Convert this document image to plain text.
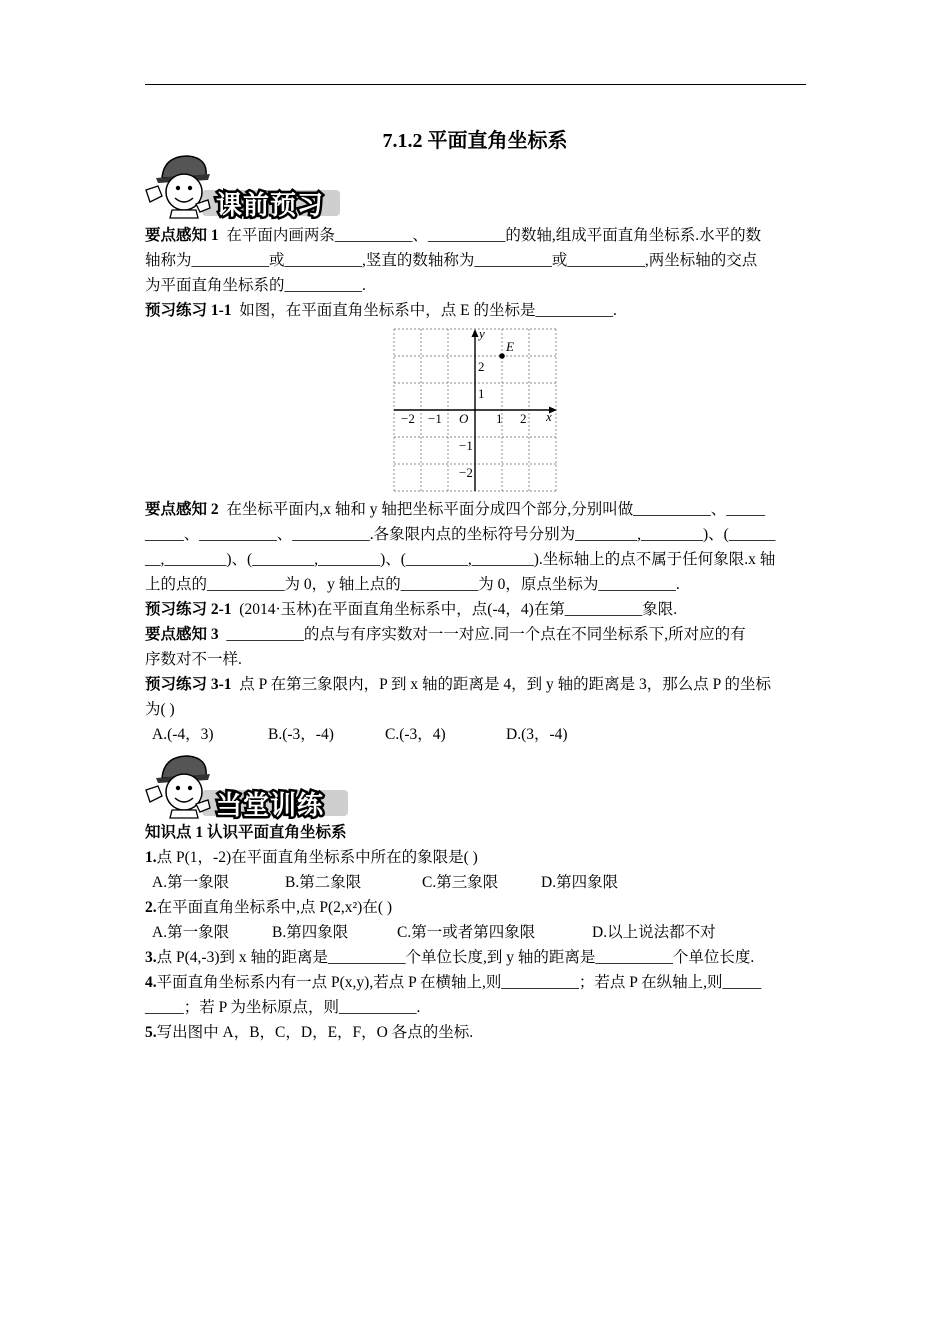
7.1.2 平面直角坐标系
课前预习
要点感知 1 在平面内画两条__________、__________的数轴,组成平面直角坐标系.水平的数
轴称为__________或__________,竖直的数轴称为__________或__________,两坐标轴的交点
为平面直角坐标系的__________.
预习练习 1-1 如图，在平面直角坐标系中，点 E 的坐标是__________.
x
y
O
−2 −1	1 2
2
1
−1
−2
E
要点感知 2 在坐标平面内,x 轴和 y 轴把坐标平面分成四个部分,分别叫做__________、_____
_____、__________、__________.各象限内点的坐标符号分别为________,________)、(______
__,________)、(________,________)、(________,________).坐标轴上的点不属于任何象限.x 轴
上的点的__________为 0，y 轴上点的__________为 0，原点坐标为__________.
预习练习 2-1 (2014·玉林)在平面直角坐标系中，点(-4，4)在第__________象限.
要点感知 3 __________的点与有序实数对一一对应.同一个点在不同坐标系下,所对应的有
序数对不一样.
预习练习 3-1 点 P 在第三象限内，P 到 x 轴的距离是 4，到 y 轴的距离是 3，那么点 P 的坐标
为( )
A.(-4，3)	B.(-3，-4)	C.(-3，4)	D.(3，-4)
当堂训练
知识点 1 认识平面直角坐标系
1.点 P(1，-2)在平面直角坐标系中所在的象限是( )
A.第一象限	B.第二象限	C.第三象限	D.第四象限
2.在平面直角坐标系中,点 P(2,x²)在( )
A.第一象限	B.第四象限	C.第一或者第四象限	D.以上说法都不对
3.点 P(4,-3)到 x 轴的距离是__________个单位长度,到 y 轴的距离是__________个单位长度.
4.平面直角坐标系内有一点 P(x,y),若点 P 在横轴上,则__________；若点 P 在纵轴上,则_____
_____；若 P 为坐标原点，则__________.
5.写出图中 A，B，C，D，E，F，O 各点的坐标.
